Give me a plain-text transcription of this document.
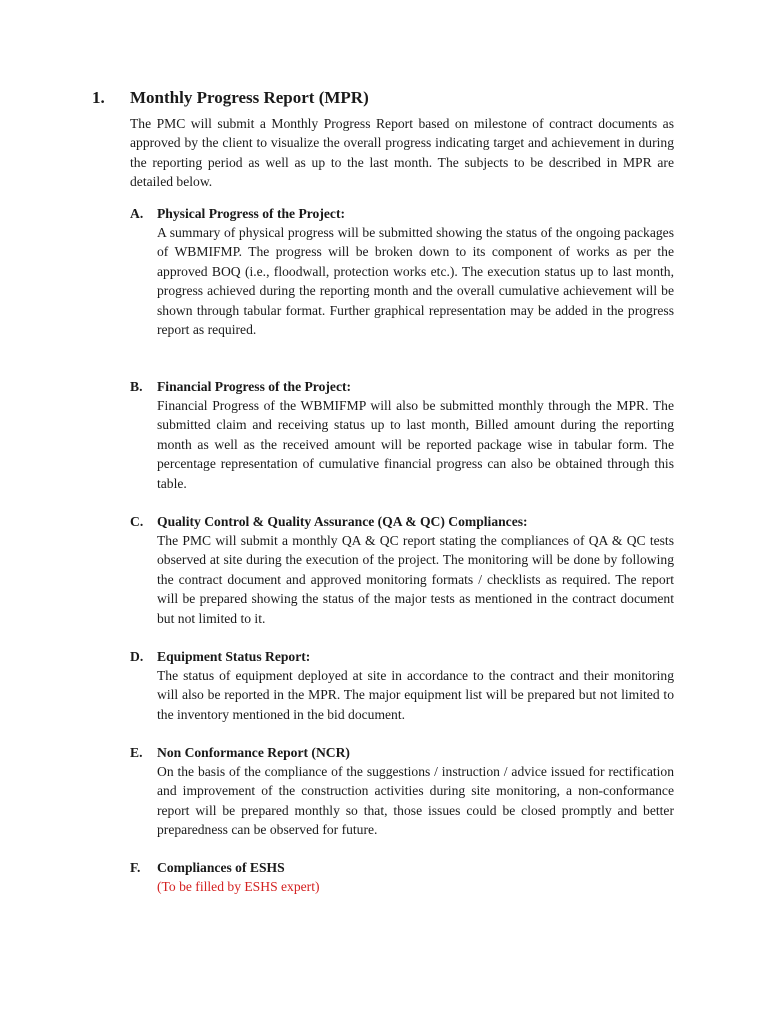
1. Monthly Progress Report (MPR)

The PMC will submit a Monthly Progress Report based on milestone of contract documents as approved by the client to visualize the overall progress indicating target and achievement in during the reporting period as well as up to the last month. The subjects to be described in MPR are detailed below.

A. Physical Progress of the Project:

A summary of physical progress will be submitted showing the status of the ongoing packages of WBMIFMP. The progress will be broken down to its component of works as per the approved BOQ (i.e., floodwall, protection works etc.). The execution status up to last month, progress achieved during the reporting month and the overall cumulative achievement will be shown through tabular format. Further graphical representation may be added in the progress report as required.

B. Financial Progress of the Project:

Financial Progress of the WBMIFMP will also be submitted monthly through the MPR. The submitted claim and receiving status up to last month, Billed amount during the reporting month as well as the received amount will be reported package wise in tabular form. The percentage representation of cumulative financial progress can also be obtained through this table.

C. Quality Control & Quality Assurance (QA & QC) Compliances:

The PMC will submit a monthly QA & QC report stating the compliances of QA & QC tests observed at site during the execution of the project. The monitoring will be done by following the contract document and approved monitoring formats / checklists as required. The report will be prepared showing the status of the major tests as mentioned in the contract document but not limited to it.

D. Equipment Status Report:

The status of equipment deployed at site in accordance to the contract and their monitoring will also be reported in the MPR. The major equipment list will be prepared but not limited to the inventory mentioned in the bid document.

E. Non Conformance Report (NCR)

On the basis of the compliance of the suggestions / instruction / advice issued for rectification and improvement of the construction activities during site monitoring, a non-conformance report will be prepared monthly so that, those issues could be closed promptly and better preparedness can be observed for future.

F. Compliances of ESHS

(To be filled by ESHS expert)
